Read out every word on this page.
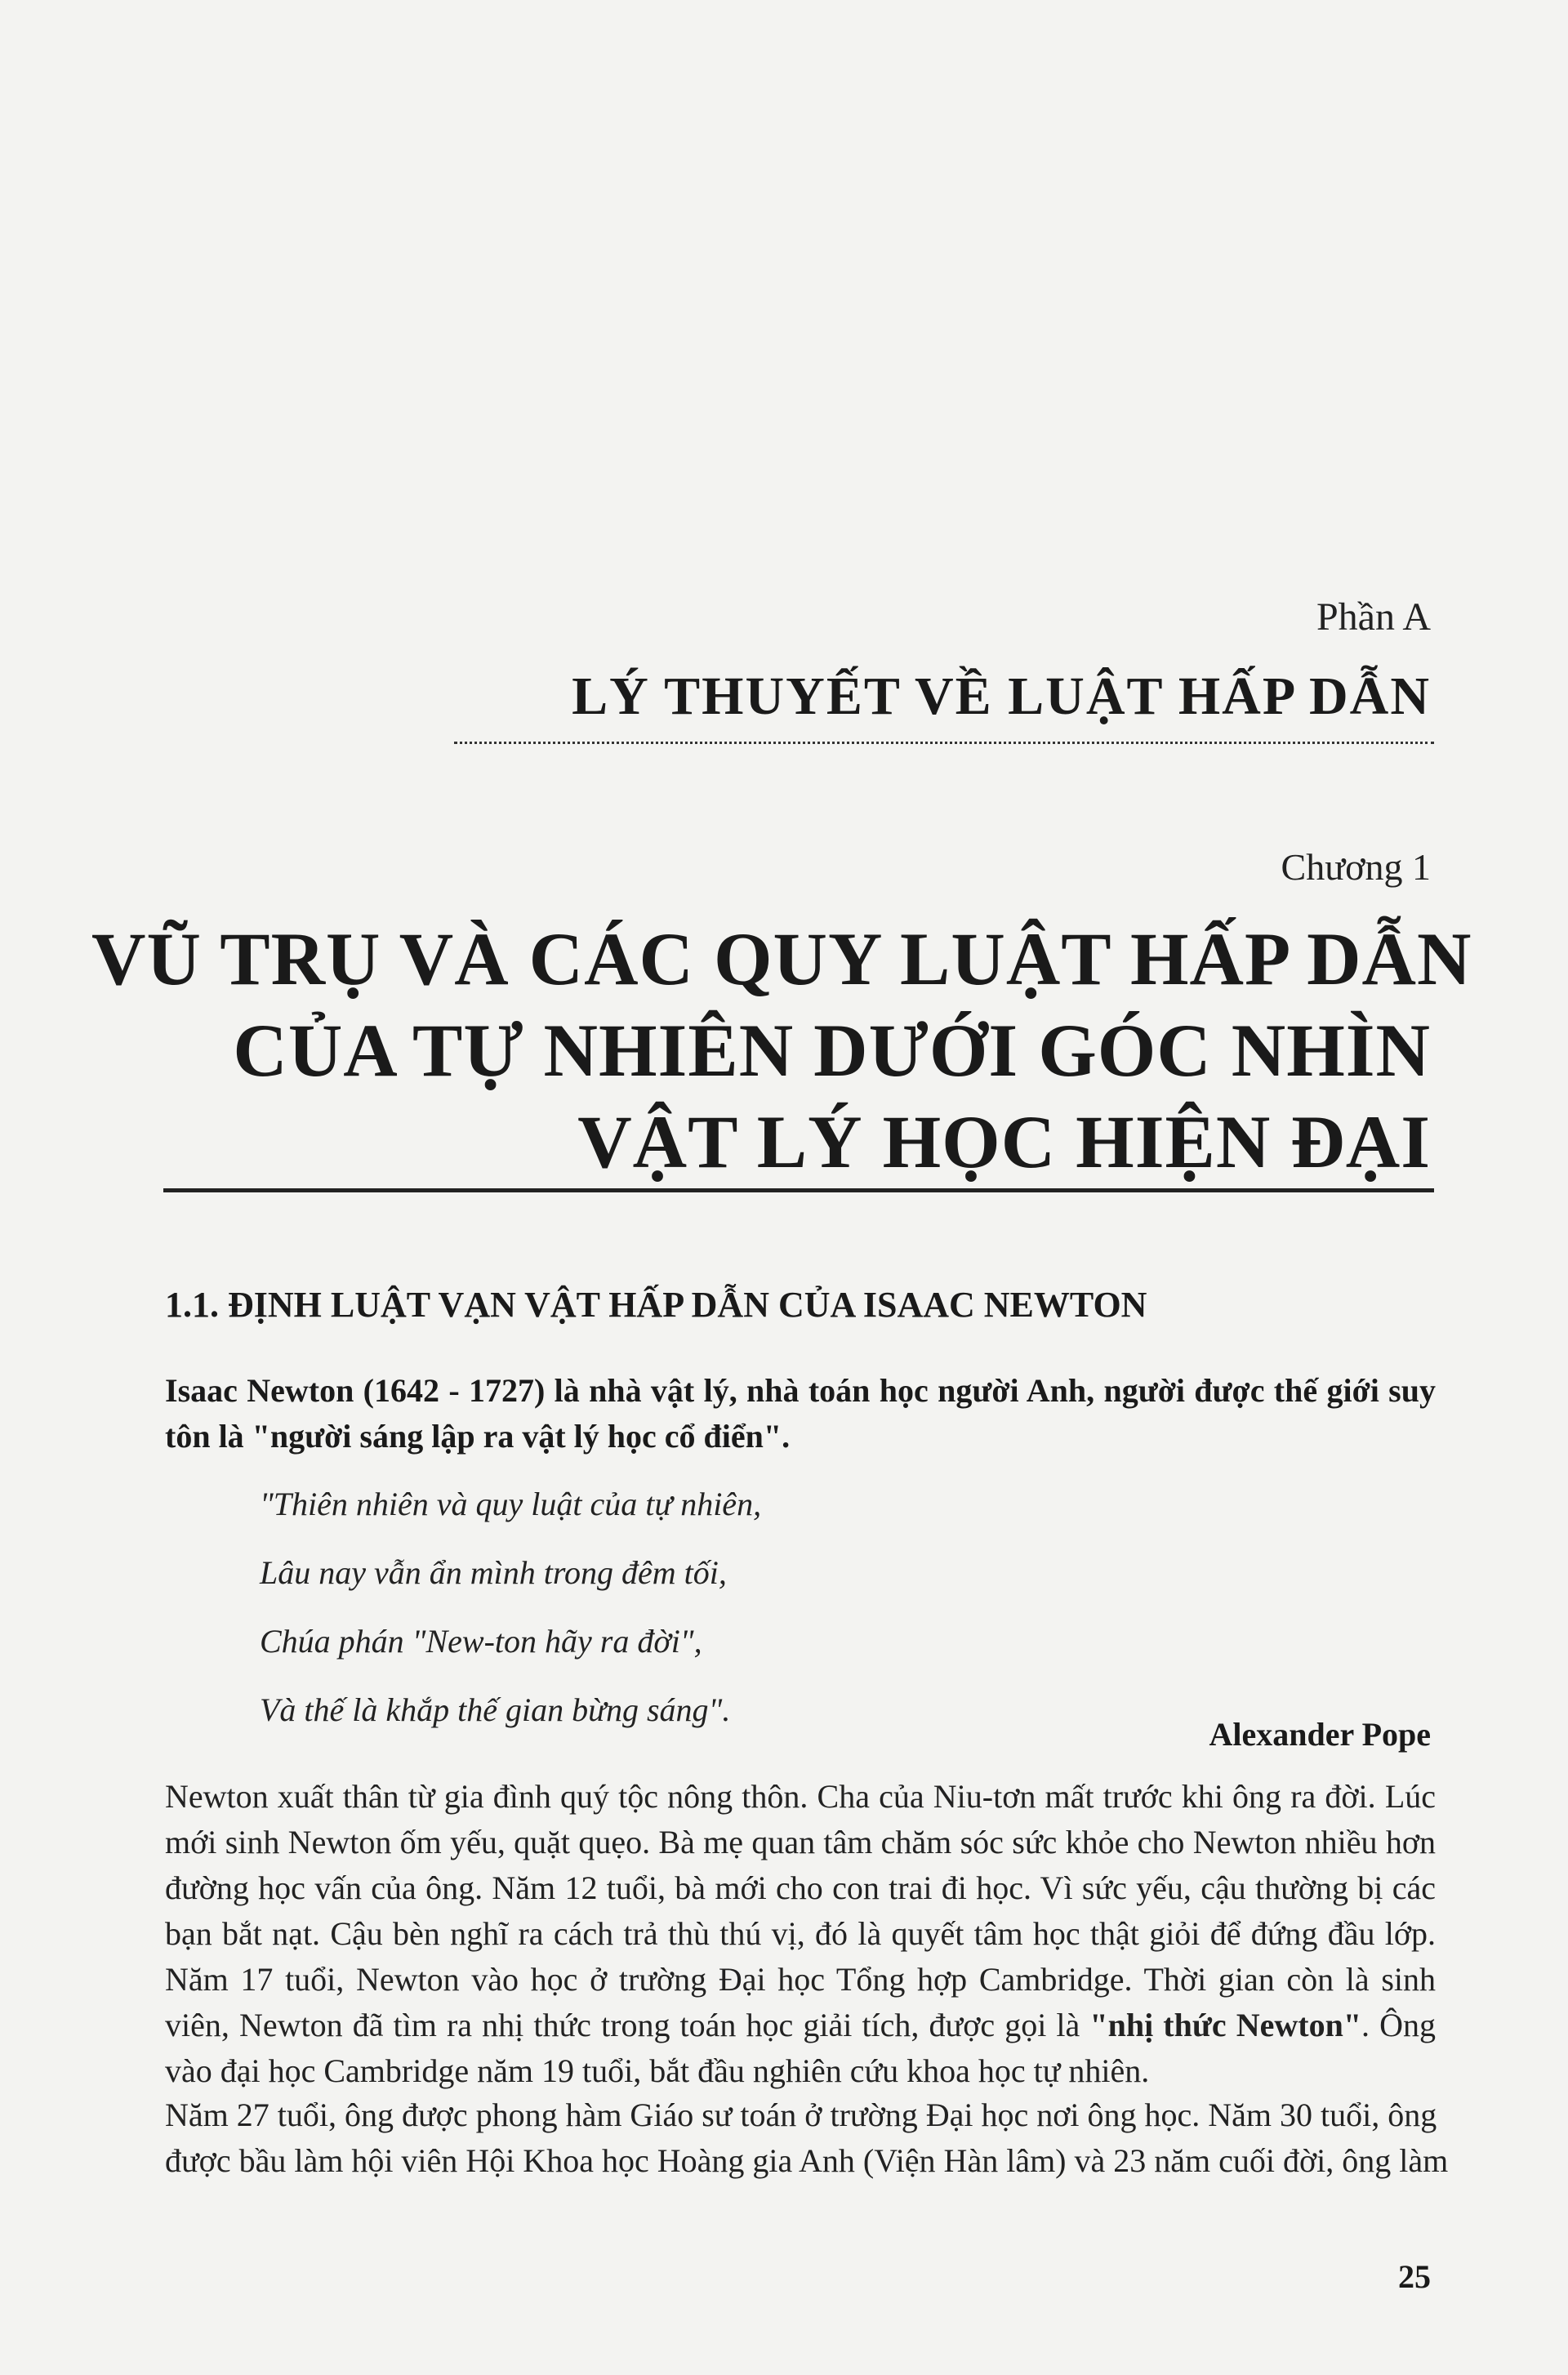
Phần A
LÝ THUYẾT VỀ LUẬT HẤP DẪN
Chương 1
VŨ TRỤ VÀ CÁC QUY LUẬT HẤP DẪN
CỦA TỰ NHIÊN DƯỚI GÓC NHÌN
VẬT LÝ HỌC HIỆN ĐẠI
1.1. ĐỊNH LUẬT VẠN VẬT HẤP DẪN CỦA ISAAC NEWTON
Isaac Newton (1642 - 1727) là nhà vật lý, nhà toán học người Anh, người được thế giới suy tôn là "người sáng lập ra vật lý học cổ điển".
"Thiên nhiên và quy luật của tự nhiên,
Lâu nay vẫn ẩn mình trong đêm tối,
Chúa phán "New-ton hãy ra đời",
Và thế là khắp thế gian bừng sáng".
Alexander Pope
Newton xuất thân từ gia đình quý tộc nông thôn. Cha của Niu-tơn mất trước khi ông ra đời. Lúc
mới sinh Newton ốm yếu, quặt quẹo. Bà mẹ quan tâm chăm sóc sức khỏe cho Newton nhiều hơn
đường học vấn của ông. Năm 12 tuổi, bà mới cho con trai đi học. Vì sức yếu, cậu thường bị các
bạn bắt nạt. Cậu bèn nghĩ ra cách trả thù thú vị, đó là quyết tâm học thật giỏi để đứng đầu lớp.
Năm 17 tuổi, Newton vào học ở trường Đại học Tổng hợp Cambridge. Thời gian còn là sinh
viên, Newton đã tìm ra nhị thức trong toán học giải tích, được gọi là "nhị thức Newton". Ông
vào đại học Cambridge năm 19 tuổi, bắt đầu nghiên cứu khoa học tự nhiên.
Năm 27 tuổi, ông được phong hàm Giáo sư toán ở trường Đại học nơi ông học. Năm 30 tuổi, ông
được bầu làm hội viên Hội Khoa học Hoàng gia Anh (Viện Hàn lâm) và 23 năm cuối đời, ông làm
25
